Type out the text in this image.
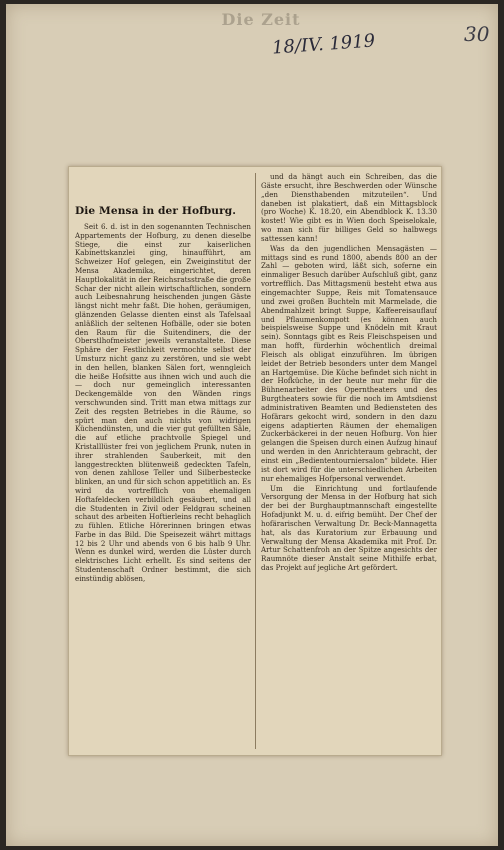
Die Zeit
18/IV. 1919	30
Die Mensa in der Hofburg.

Seit 6. d. ist in den sogenannten Technischen Appartements der Hofburg, zu denen dieselbe Stiege, die einst zur kaiserlichen Kabinettskanzlei ging, hinaufführt, am Schweizer Hof gelegen, ein Zweiginstitut der Mensa Akademika, eingerichtet, deren Hauptlokalität in der Reichsratsstraße die große Schar der nicht allein wirtschaftlichen, sondern auch Leibesnahrung heischenden jungen Gäste längst nicht mehr faßt. Die hohen, geräumigen, glänzenden Gelasse dienten einst als Tafelsaal anläßlich der seltenen Hofbälle, oder sie boten den Raum für die Suitendiners, die der Oberstlhofmeister jeweils veranstaltete. Diese Sphäre der Festlichkeit vermochte selbst der Umsturz nicht ganz zu zerstören, und sie webt in den hellen, blanken Sälen fort, wenngleich die heiße Hofsitte aus ihnen wich und auch die — doch nur gemeinglich interessanten Deckengemälde von den Wänden rings verschwunden sind. Tritt man etwa mittags zur Zeit des regsten Betriebes in die Räume, so spürt man den auch nichts von widrigen Küchendünsten, und die vier gut gefüllten Säle, die auf etliche prachtvolle Spiegel und Kristalllüster frei von jeglichem Prunk, nuten in ihrer strahlenden Sauberkeit, mit den langgestreckten blütenweiß gedeckten Tafeln, von denen zahllose Teller und Silberbestecke blinken, an und für sich schon appetitlich an. Es wird da vortrefflich von ehemaligen Hoftafeldecken verbildlich gesäubert, und all die Studenten in Zivil oder Feldgrau scheinen schaut des arbeiten Hoftierleins recht behaglich zu fühlen. Etliche Hörerinnen bringen etwas Farbe in das Bild. Die Speisezeit währt mittags 12 bis 2 Uhr und abends von 6 bis halb 9 Uhr. Wenn es dunkel wird, werden die Lüster durch elektrisches Licht erhellt. Es sind seitens der Studentenschaft Ordner bestimmt, die sich einstündig ablösen,

und da hängt auch ein Schreiben, das die Gäste ersucht, ihre Beschwerden oder Wünsche „den Diensthabenden mitzuteilen“. Und daneben ist plakatiert, daß ein Mittagsblock (pro Woche) K. 18.20, ein Abendblock K. 13.30 kostet! Wie gibt es in Wien doch Speiselokale, wo man sich für billiges Geld so halbwegs sattessen kann!

Was da den jugendlichen Mensagästen — mittags sind es rund 1800, abends 800 an der Zahl — geboten wird, läßt sich, soferne ein einmaliger Besuch darüber Aufschluß gibt, ganz vortrefflich. Das Mittagsmenü besteht etwa aus eingemachter Suppe, Reis mit Tomatensauce und zwei großen Buchteln mit Marmelade, die Abendmahlzeit bringt Suppe, Kaffeereisauflauf und Pflaumenkompott (es können auch beispielsweise Suppe und Knödeln mit Kraut sein). Sonntags gibt es Reis Fleischspeisen und man hofft, fürderhin wöchentlich dreimal Fleisch als obligat einzuführen. Im übrigen leidet der Betrieb besonders unter dem Mangel an Hartgemüse. Die Küche befindet sich nicht in der Hofküche, in der heute nur mehr für die Bühnenarbeiter des Operntheaters und des Burgtheaters sowie für die noch im Amtsdienst administrativen Beamten und Bediensteten des Hofärars gekocht wird, sondern in den dazu eigens adaptierten Räumen der ehemaligen Zuckerbäckerei in der neuen Hofburg. Von hier gelangen die Speisen durch einen Aufzug hinauf und werden in den Anrichteraum gebracht, der einst ein „Bediententourniersalon“ bildete. Hier ist dort wird für die unterschiedlichen Arbeiten nur ehemaliges Hofpersonal verwendet.

Um die Einrichtung und fortlaufende Versorgung der Mensa in der Hofburg hat sich der bei der Burghauptmannschaft eingestellte Hofadjunkt M. u. d. eifrig bemüht. Der Chef der hofärarischen Verwaltung Dr. Beck-Mannagetta hat, als das Kuratorium zur Erbauung und Verwaltung der Mensa Akademika mit Prof. Dr. Artur Schattenfroh an der Spitze angesichts der Raumnöte dieser Anstalt seine Mithilfe erbat, das Projekt auf jegliche Art gefördert.
